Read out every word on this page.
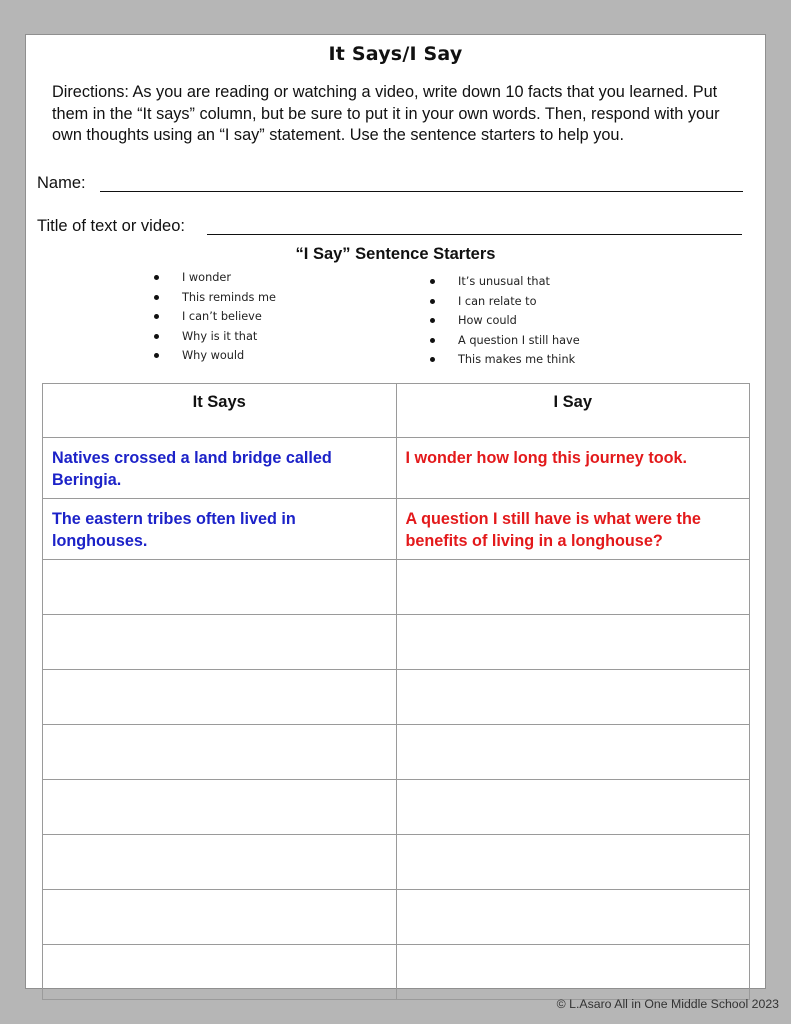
It Says/I Say
Directions: As you are reading or watching a video, write down 10 facts that you learned. Put them in the “It says” column, but be sure to put it in your own words. Then, respond with your own thoughts using an “I say” statement. Use the sentence starters to help you.
Name:
Title of text or video:
“I Say” Sentence Starters
I wonder
This reminds me
I can’t believe
Why is it that
Why would
It’s unusual that
I can relate to
How could
A question I still have
This makes me think
It Says	I Say
Natives crossed a land bridge called Beringia.	I wonder how long this journey took.
The eastern tribes often lived in longhouses.	A question I still have is what were the benefits of living in a longhouse?

© L.Asaro All in One Middle School 2023
